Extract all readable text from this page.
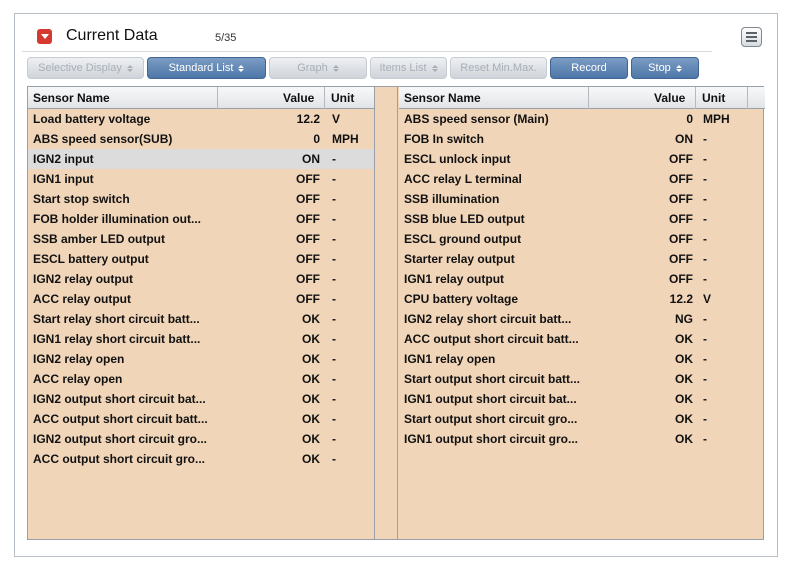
Current Data	5/35
Selective Display	Standard List	Graph	Items List	Reset Min.Max.	Record	Stop
Sensor Name	Value Unit	Sensor Name	Value Unit
Load battery voltage	12.2 V
ABS speed sensor(SUB)	0 MPH
IGN2 input	ON -
IGN1 input	OFF -
Start stop switch	OFF -
FOB holder illumination out...	OFF -
SSB amber LED output	OFF -
ESCL battery output	OFF -
IGN2 relay output	OFF -
ACC relay output	OFF -
Start relay short circuit batt...	OK -
IGN1 relay short circuit batt...	OK -
IGN2 relay open	OK -
ACC relay open	OK -
IGN2 output short circuit bat...	OK -
ACC output short circuit batt...	OK -
IGN2 output short circuit gro...	OK -
ACC output short circuit gro...	OK -
ABS speed sensor (Main)	0 MPH
FOB In switch	ON -
ESCL unlock input	OFF -
ACC relay L terminal	OFF -
SSB illumination	OFF -
SSB blue LED output	OFF -
ESCL ground output	OFF -
Starter relay output	OFF -
IGN1 relay output	OFF -
CPU battery voltage	12.2 V
IGN2 relay short circuit batt...	NG -
ACC output short circuit batt...	OK -
IGN1 relay open	OK -
Start output short circuit batt...	OK -
IGN1 output short circuit bat...	OK -
Start output short circuit gro...	OK -
IGN1 output short circuit gro...	OK -
